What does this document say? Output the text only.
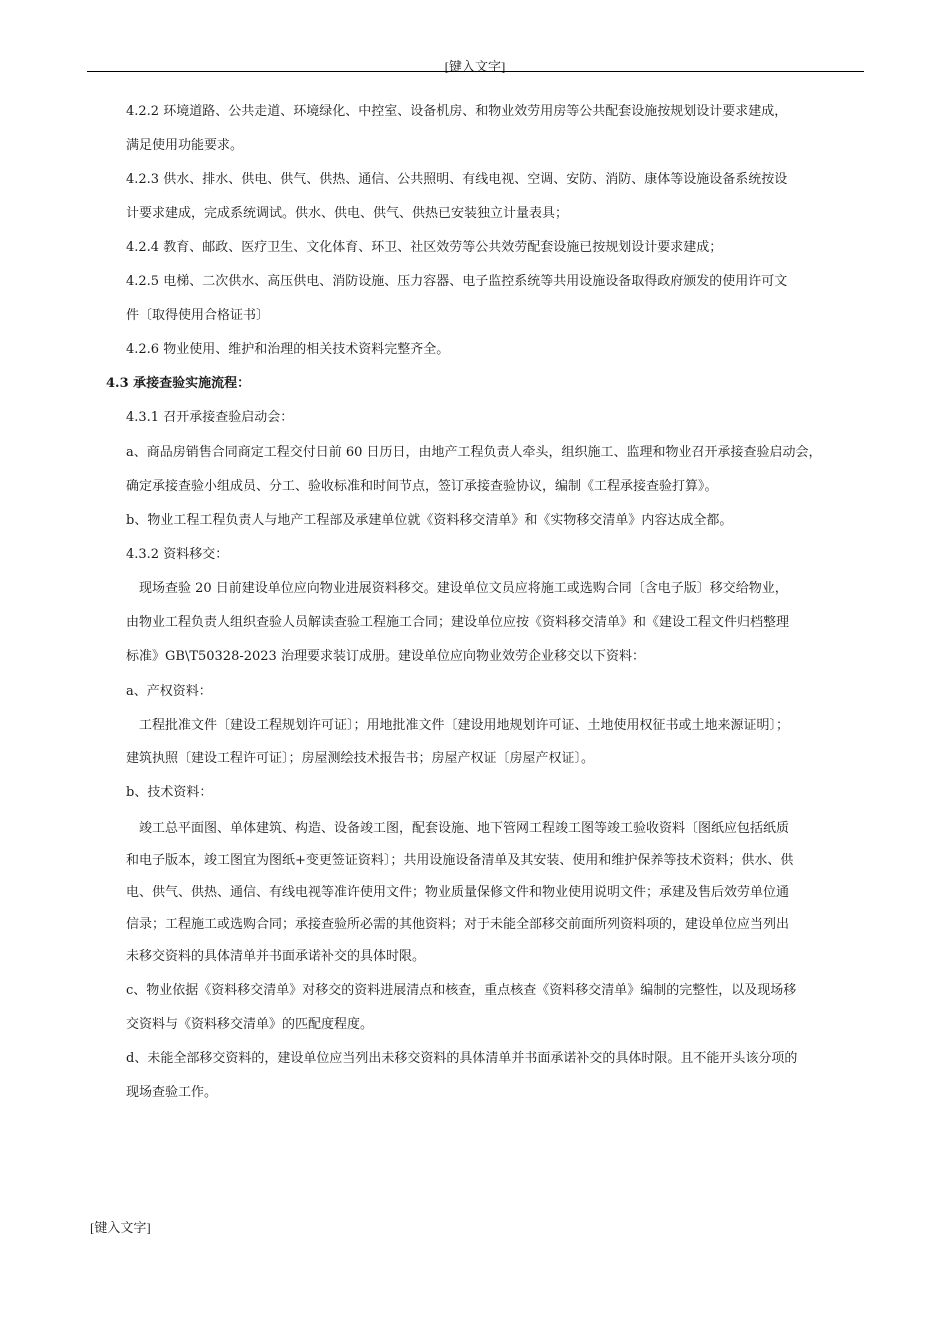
[键入文字]
4.2.2 环境道路、公共走道、环境绿化、中控室、设备机房、和物业效劳用房等公共配套设施按规划设计要求建成，
满足使用功能要求。
4.2.3 供水、排水、供电、供气、供热、通信、公共照明、有线电视、空调、安防、消防、康体等设施设备系统按设
计要求建成，完成系统调试。供水、供电、供气、供热已安装独立计量表具；
4.2.4 教育、邮政、医疗卫生、文化体育、环卫、社区效劳等公共效劳配套设施已按规划设计要求建成；
4.2.5 电梯、二次供水、高压供电、消防设施、压力容器、电子监控系统等共用设施设备取得政府颁发的使用许可文
件〔取得使用合格证书〕
4.2.6 物业使用、维护和治理的相关技术资料完整齐全。
4.3 承接查验实施流程：
4.3.1 召开承接查验启动会：
a、商品房销售合同商定工程交付日前 60 日历日，由地产工程负责人牵头，组织施工、监理和物业召开承接查验启动会，
确定承接查验小组成员、分工、验收标准和时间节点，签订承接查验协议，编制《工程承接查验打算》。
b、物业工程工程负责人与地产工程部及承建单位就《资料移交清单》和《实物移交清单》内容达成全都。
4.3.2 资料移交：
现场查验 20 日前建设单位应向物业进展资料移交。建设单位文员应将施工或选购合同〔含电子版〕移交给物业，
由物业工程负责人组织查验人员解读查验工程施工合同；建设单位应按《资料移交清单》和《建设工程文件归档整理
标准》GB\T50328-2023 治理要求装订成册。建设单位应向物业效劳企业移交以下资料：
a、产权资料：
工程批准文件〔建设工程规划许可证〕；用地批准文件〔建设用地规划许可证、土地使用权征书或土地来源证明〕；
建筑执照〔建设工程许可证〕；房屋测绘技术报告书；房屋产权证〔房屋产权证〕。
b、技术资料：
竣工总平面图、单体建筑、构造、设备竣工图，配套设施、地下管网工程竣工图等竣工验收资料〔图纸应包括纸质
和电子版本，竣工图宜为图纸+变更签证资料〕；共用设施设备清单及其安装、使用和维护保养等技术资料；供水、供
电、供气、供热、通信、有线电视等准许使用文件；物业质量保修文件和物业使用说明文件；承建及售后效劳单位通
信录；工程施工或选购合同；承接查验所必需的其他资料；对于未能全部移交前面所列资料项的，建设单位应当列出
未移交资料的具体清单并书面承诺补交的具体时限。
c、物业依据《资料移交清单》对移交的资料进展清点和核查，重点核查《资料移交清单》编制的完整性，以及现场移
交资料与《资料移交清单》的匹配度程度。
d、未能全部移交资料的，建设单位应当列出未移交资料的具体清单并书面承诺补交的具体时限。且不能开头该分项的
现场查验工作。
[键入文字]
